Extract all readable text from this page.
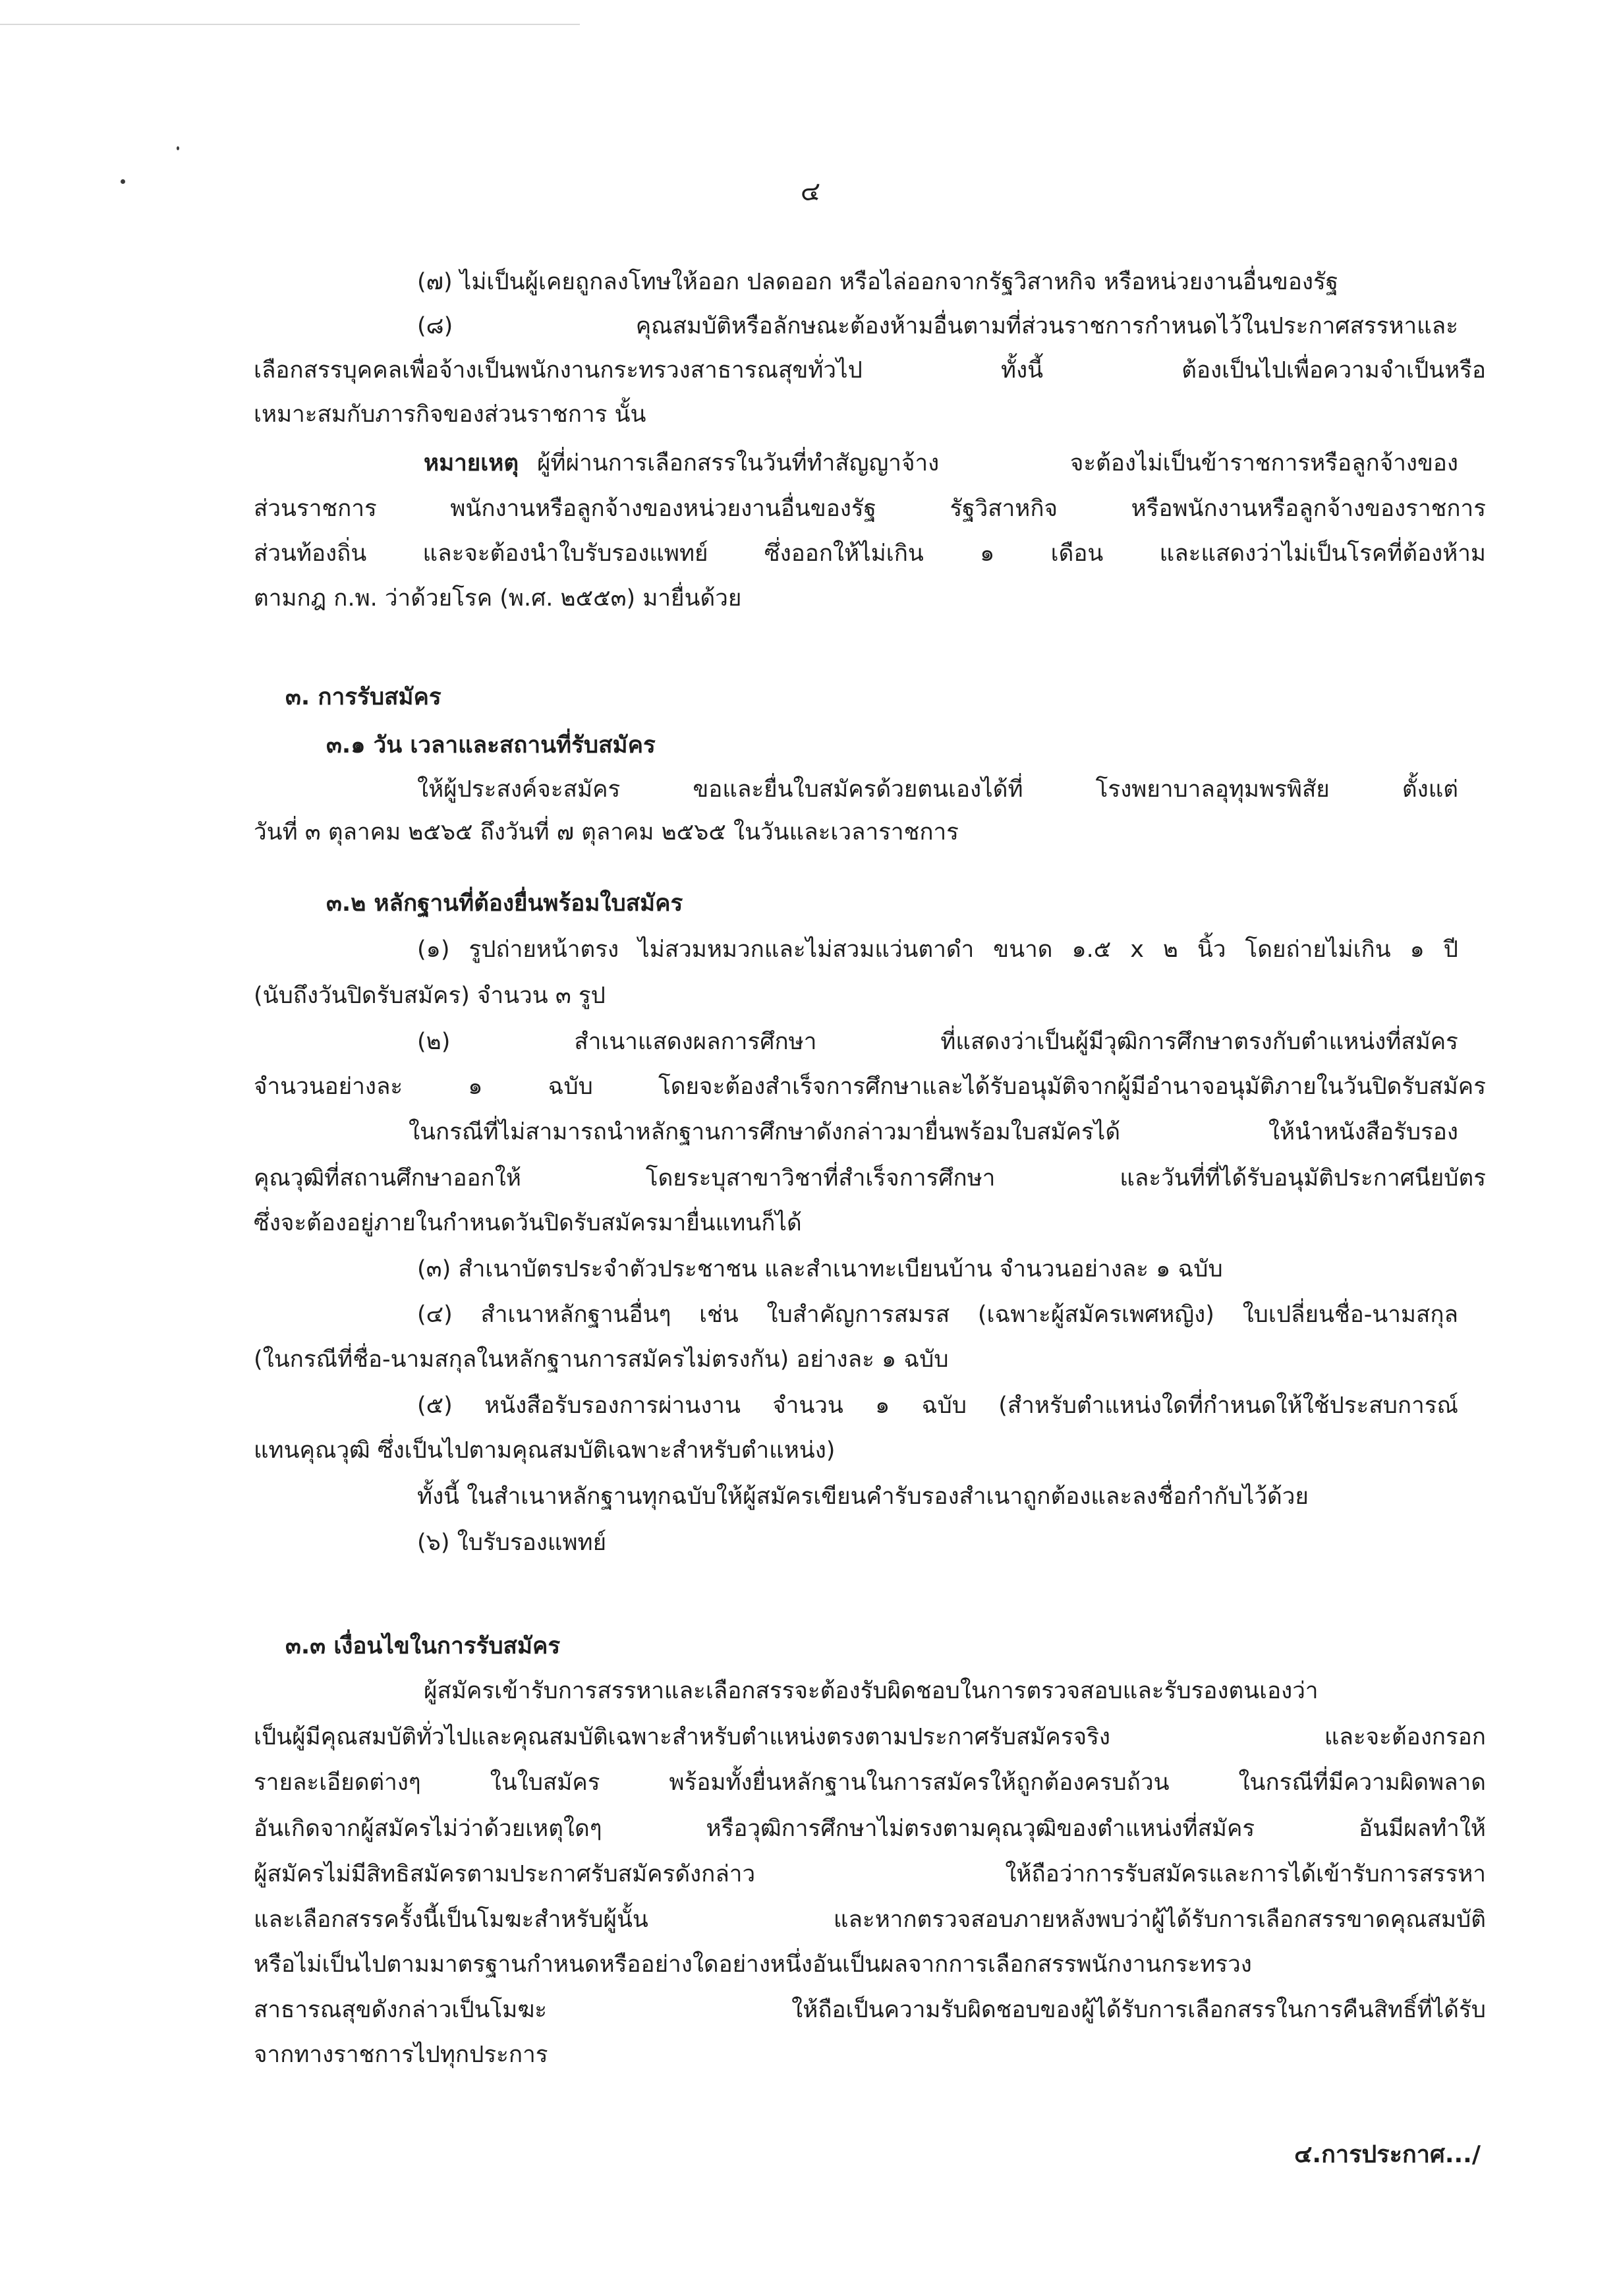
๔
(๗) ไม่เป็นผู้เคยถูกลงโทษให้ออก ปลดออก หรือไล่ออกจากรัฐวิสาหกิจ หรือหน่วยงานอื่นของรัฐ
(๘) คุณสมบัติหรือลักษณะต้องห้ามอื่นตามที่ส่วนราชการกำหนดไว้ในประกาศสรรหาและ
เลือกสรรบุคคลเพื่อจ้างเป็นพนักงานกระทรวงสาธารณสุขทั่วไป ทั้งนี้ ต้องเป็นไปเพื่อความจำเป็นหรือ
เหมาะสมกับภารกิจของส่วนราชการ นั้น
หมายเหตุ ผู้ที่ผ่านการเลือกสรรในวันที่ทำสัญญาจ้าง จะต้องไม่เป็นข้าราชการหรือลูกจ้างของ
ส่วนราชการ พนักงานหรือลูกจ้างของหน่วยงานอื่นของรัฐ รัฐวิสาหกิจ หรือพนักงานหรือลูกจ้างของราชการ
ส่วนท้องถิ่น และจะต้องนำใบรับรองแพทย์ ซึ่งออกให้ไม่เกิน ๑ เดือน และแสดงว่าไม่เป็นโรคที่ต้องห้าม
ตามกฎ ก.พ. ว่าด้วยโรค (พ.ศ. ๒๕๕๓) มายื่นด้วย
๓. การรับสมัคร
๓.๑ วัน เวลาและสถานที่รับสมัคร
ให้ผู้ประสงค์จะสมัคร ขอและยื่นใบสมัครด้วยตนเองได้ที่ โรงพยาบาลอุทุมพรพิสัย ตั้งแต่
วันที่ ๓ ตุลาคม ๒๕๖๕ ถึงวันที่ ๗ ตุลาคม ๒๕๖๕ ในวันและเวลาราชการ
๓.๒ หลักฐานที่ต้องยื่นพร้อมใบสมัคร
(๑) รูปถ่ายหน้าตรง ไม่สวมหมวกและไม่สวมแว่นตาดำ ขนาด ๑.๕ x ๒ นิ้ว โดยถ่ายไม่เกิน ๑ ปี
(นับถึงวันปิดรับสมัคร) จำนวน ๓ รูป
(๒) สำเนาแสดงผลการศึกษา ที่แสดงว่าเป็นผู้มีวุฒิการศึกษาตรงกับตำแหน่งที่สมัคร
จำนวนอย่างละ ๑ ฉบับ โดยจะต้องสำเร็จการศึกษาและได้รับอนุมัติจากผู้มีอำนาจอนุมัติภายในวันปิดรับสมัคร
ในกรณีที่ไม่สามารถนำหลักฐานการศึกษาดังกล่าวมายื่นพร้อมใบสมัครได้ ให้นำหนังสือรับรอง
คุณวุฒิที่สถานศึกษาออกให้ โดยระบุสาขาวิชาที่สำเร็จการศึกษา และวันที่ที่ได้รับอนุมัติประกาศนียบัตร
ซึ่งจะต้องอยู่ภายในกำหนดวันปิดรับสมัครมายื่นแทนก็ได้
(๓) สำเนาบัตรประจำตัวประชาชน และสำเนาทะเบียนบ้าน จำนวนอย่างละ ๑ ฉบับ
(๔) สำเนาหลักฐานอื่นๆ เช่น ใบสำคัญการสมรส (เฉพาะผู้สมัครเพศหญิง) ใบเปลี่ยนชื่อ-นามสกุล
(ในกรณีที่ชื่อ-นามสกุลในหลักฐานการสมัครไม่ตรงกัน) อย่างละ ๑ ฉบับ
(๕) หนังสือรับรองการผ่านงาน จำนวน ๑ ฉบับ (สำหรับตำแหน่งใดที่กำหนดให้ใช้ประสบการณ์
แทนคุณวุฒิ ซึ่งเป็นไปตามคุณสมบัติเฉพาะสำหรับตำแหน่ง)
ทั้งนี้ ในสำเนาหลักฐานทุกฉบับให้ผู้สมัครเขียนคำรับรองสำเนาถูกต้องและลงชื่อกำกับไว้ด้วย
(๖) ใบรับรองแพทย์
๓.๓ เงื่อนไขในการรับสมัคร
ผู้สมัครเข้ารับการสรรหาและเลือกสรรจะต้องรับผิดชอบในการตรวจสอบและรับรองตนเองว่า
เป็นผู้มีคุณสมบัติทั่วไปและคุณสมบัติเฉพาะสำหรับตำแหน่งตรงตามประกาศรับสมัครจริง และจะต้องกรอก
รายละเอียดต่างๆ ในใบสมัคร พร้อมทั้งยื่นหลักฐานในการสมัครให้ถูกต้องครบถ้วน ในกรณีที่มีความผิดพลาด
อันเกิดจากผู้สมัครไม่ว่าด้วยเหตุใดๆ หรือวุฒิการศึกษาไม่ตรงตามคุณวุฒิของตำแหน่งที่สมัคร อันมีผลทำให้
ผู้สมัครไม่มีสิทธิสมัครตามประกาศรับสมัครดังกล่าว ให้ถือว่าการรับสมัครและการได้เข้ารับการสรรหา
และเลือกสรรครั้งนี้เป็นโมฆะสำหรับผู้นั้น และหากตรวจสอบภายหลังพบว่าผู้ได้รับการเลือกสรรขาดคุณสมบัติ
หรือไม่เป็นไปตามมาตรฐานกำหนดหรืออย่างใดอย่างหนึ่งอันเป็นผลจากการเลือกสรรพนักงานกระทรวง
สาธารณสุขดังกล่าวเป็นโมฆะ ให้ถือเป็นความรับผิดชอบของผู้ได้รับการเลือกสรรในการคืนสิทธิ์ที่ได้รับ
จากทางราชการไปทุกประการ
๔.การประกาศ.../
